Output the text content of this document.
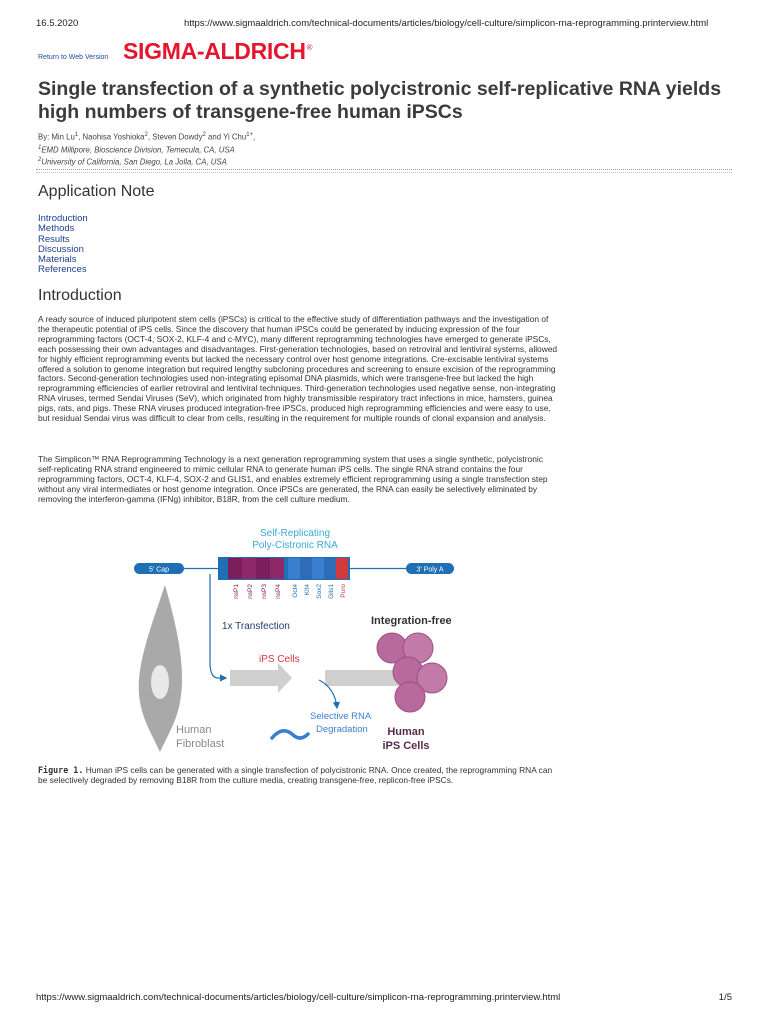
16.5.2020	https://www.sigmaaldrich.com/technical-documents/articles/biology/cell-culture/simplicon-rna-reprogramming.printerview.html
Return to Web Version SIGMA-ALDRICH®
Single transfection of a synthetic polycistronic self-replicative RNA yields high numbers of transgene-free human iPSCs
By: Min Lu$^1$, Naohisa Yoshioka$^2$, Steven Dowdy$^2$ and Yi Chu$^{1+}$,
$^1$EMD Millipore, Bioscience Division, Temecula, CA, USA
$^2$University of California, San Diego, La Jolla, CA, USA
Application Note
Introduction
Methods
Results
Discussion
Materials
References
Introduction

A ready source of induced pluripotent stem cells (iPSCs) is critical to the effective study of differentiation pathways and the investigation of the therapeutic potential of iPS cells. Since the discovery that human iPSCs could be generated by inducing expression of the four reprogramming factors (OCT-4, SOX-2, KLF-4 and c-MYC), many different reprogramming technologies have emerged to generate iPSCs, each possessing their own advantages and disadvantages. First-generation technologies, based on retroviral and lentiviral systems, allowed for highly efficient reprogramming events but lacked the necessary control over host genome integrations. Cre-excisable lentiviral systems offered a solution to genome integration but required lengthy subcloning procedures and screening to ensure excision of the reprogramming factors. Second-generation technologies used non-integrating episomal DNA plasmids, which were transgene-free but lacked the high reprogramming efficiencies of earlier retroviral and lentiviral techniques. Third-generation technologies used negative sense, non-integrating RNA viruses, termed Sendai Viruses (SeV), which originated from highly transmissible respiratory tract infections in mice, hamsters, guinea pigs, rats, and pigs. These RNA viruses produced integration-free iPSCs, produced high reprogramming efficiencies and were easy to use, but residual Sendai virus was difficult to clear from cells, resulting in the requirement for multiple rounds of clonal expansion and analysis.

The Simplicon™ RNA Reprogramming Technology is a next generation reprogramming system that uses a single synthetic, polycistronic self-replicating RNA strand engineered to mimic cellular RNA to generate human iPS cells. The single RNA strand contains the four reprogramming factors, OCT-4, KLF-4, SOX-2 and GLIS1, and enables extremely efficient reprogramming using a single transfection step without any viral intermediates or host genome integration. Once iPSCs are generated, the RNA can easily be selectively eliminated by removing the interferon-gamma (IFNg) inhibitor, B18R, from the cell culture medium.

Self-Replicating
Poly-Cistronic RNA
5' Cap	3' Poly A
nsP1 nsP2 nsP3 nsP4 Oct4 Klf4 Sox2 Glis1 Puro
Human
Fibroblast
1x Transfection
iPS Cells
Integration-free
Human
iPS Cells
Selective RNA
Degradation
Figure 1. Human iPS cells can be generated with a single transfection of polycistronic RNA. Once created, the reprogramming RNA can be selectively degraded by removing B18R from the culture media, creating transgene-free, replicon-free iPSCs.
https://www.sigmaaldrich.com/technical-documents/articles/biology/cell-culture/simplicon-rna-reprogramming.printerview.html	1/5
